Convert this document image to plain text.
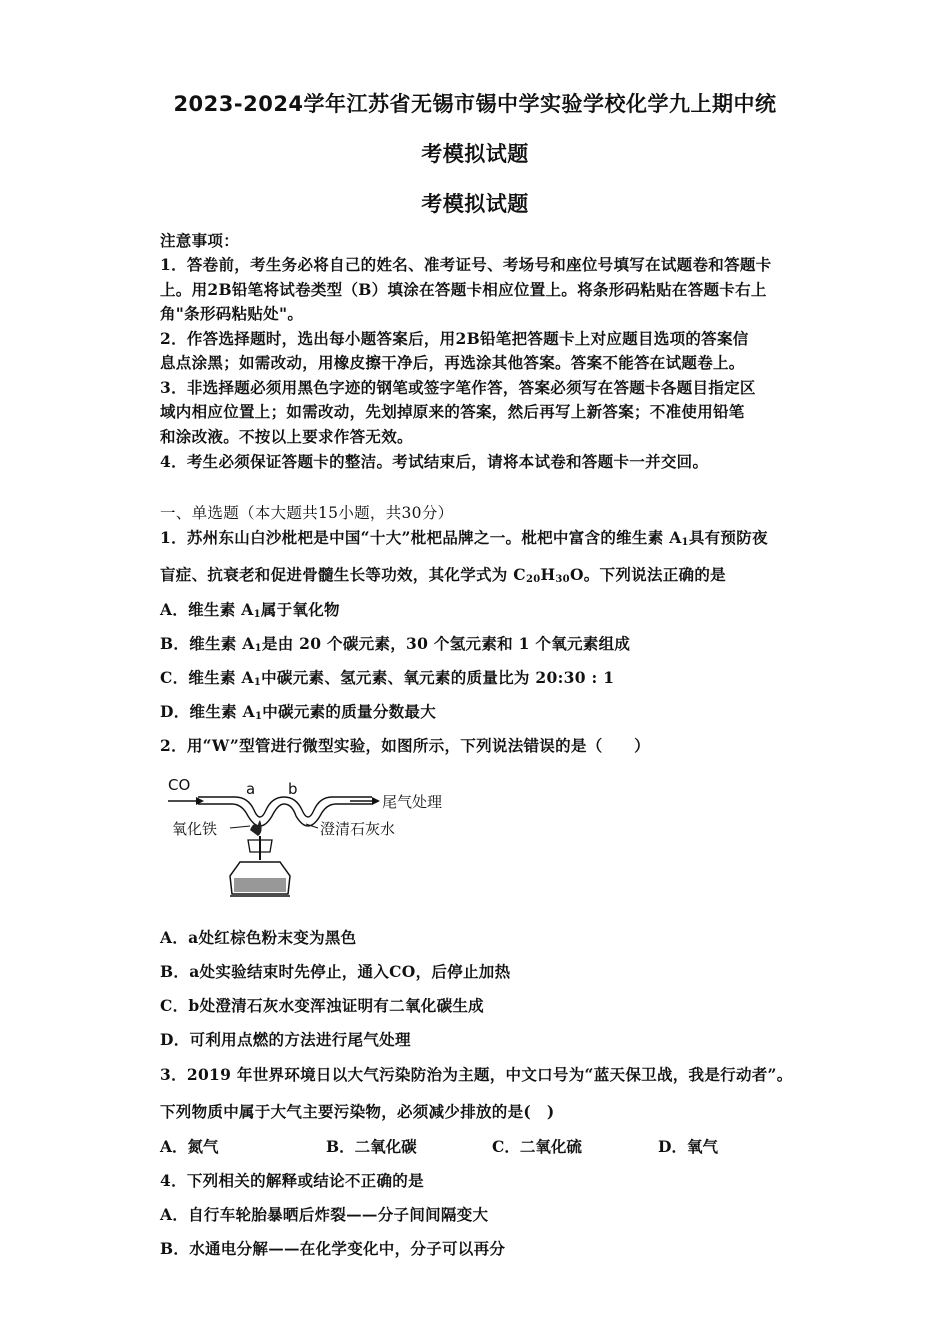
2023-2024学年江苏省无锡市锡中学实验学校化学九上期中统
考模拟试题
考模拟试题
注意事项：
1．答卷前，考生务必将自己的姓名、准考证号、考场号和座位号填写在试题卷和答题卡
上。用2B铅笔将试卷类型（B）填涂在答题卡相应位置上。将条形码粘贴在答题卡右上
角"条形码粘贴处"。
2．作答选择题时，选出每小题答案后，用2B铅笔把答题卡上对应题目选项的答案信
息点涂黑；如需改动，用橡皮擦干净后，再选涂其他答案。答案不能答在试题卷上。
3．非选择题必须用黑色字迹的钢笔或签字笔作答，答案必须写在答题卡各题目指定区
域内相应位置上；如需改动，先划掉原来的答案，然后再写上新答案；不准使用铅笔
和涂改液。不按以上要求作答无效。
4．考生必须保证答题卡的整洁。考试结束后，请将本试卷和答题卡一并交回。
一、单选题（本大题共15小题，共30分）
1．苏州东山白沙枇杷是中国“十大”枇杷品牌之一。枇杷中富含的维生素 $A_1$具有预防夜
盲症、抗衰老和促进骨髓生长等功效，其化学式为 $C_{20}H_{30}O$。下列说法正确的是
A．维生素 $A_1$属于氧化物
B．维生素 $A_1$是由 20 个碳元素，30 个氢元素和 1 个氧元素组成
C．维生素 $A_1$中碳元素、氢元素、氧元素的质量比为 20:30 : 1
D．维生素 $A_1$中碳元素的质量分数最大
2．用“W”型管进行微型实验，如图所示，下列说法错误的是（　　）
CO	a b
尾气处理
氧化铁	澄清石灰水
A．a处红棕色粉末变为黑色
B．a处实验结束时先停止，通入CO，后停止加热
C．b处澄清石灰水变浑浊证明有二氧化碳生成
D．可利用点燃的方法进行尾气处理
3．2019 年世界环境日以大气污染防治为主题，中文口号为“蓝天保卫战，我是行动者”。
下列物质中属于大气主要污染物，必须减少排放的是(　)
A．氮气	B．二氧化碳	C．二氧化硫	D．氧气
4．下列相关的解释或结论不正确的是
A．自行车轮胎暴晒后炸裂——分子间间隔变大
B．水通电分解——在化学变化中，分子可以再分
